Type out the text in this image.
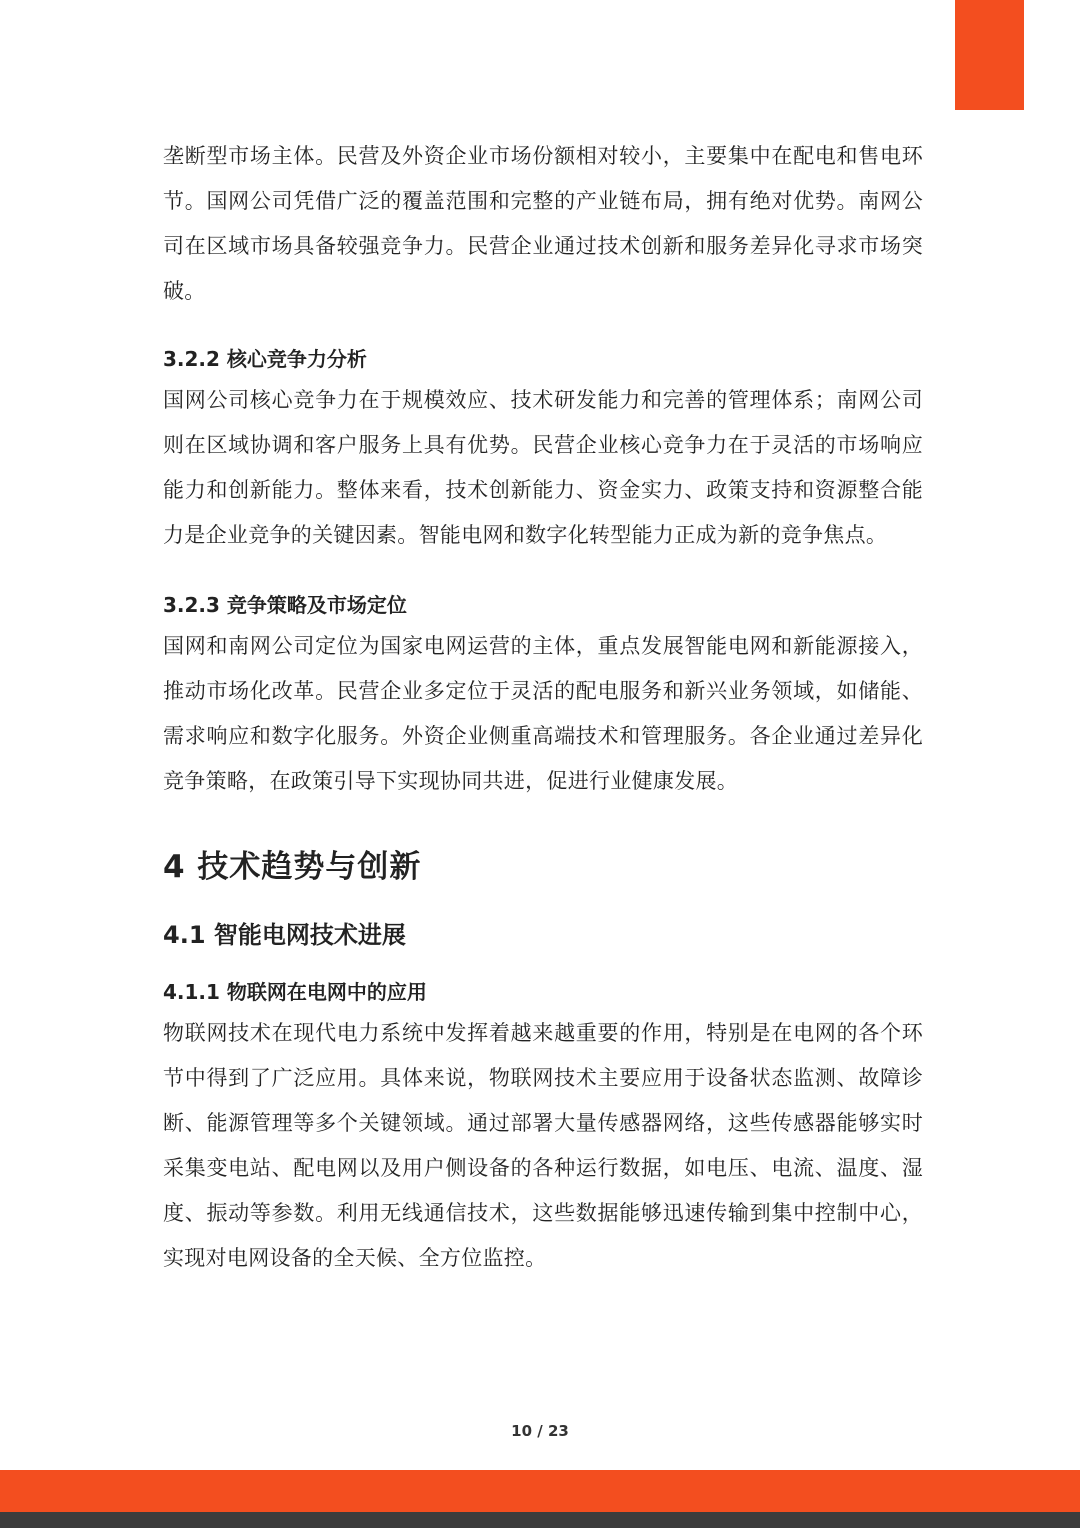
垄断型市场主体。民营及外资企业市场份额相对较小，主要集中在配电和售电环节。国网公司凭借广泛的覆盖范围和完整的产业链布局，拥有绝对优势。南网公司在区域市场具备较强竞争力。民营企业通过技术创新和服务差异化寻求市场突破。

3.2.2 核心竞争力分析

国网公司核心竞争力在于规模效应、技术研发能力和完善的管理体系；南网公司则在区域协调和客户服务上具有优势。民营企业核心竞争力在于灵活的市场响应能力和创新能力。整体来看，技术创新能力、资金实力、政策支持和资源整合能力是企业竞争的关键因素。智能电网和数字化转型能力正成为新的竞争焦点。

3.2.3 竞争策略及市场定位

国网和南网公司定位为国家电网运营的主体，重点发展智能电网和新能源接入，推动市场化改革。民营企业多定位于灵活的配电服务和新兴业务领域，如储能、需求响应和数字化服务。外资企业侧重高端技术和管理服务。各企业通过差异化竞争策略，在政策引导下实现协同共进，促进行业健康发展。

4 技术趋势与创新
4.1 智能电网技术进展
4.1.1 物联网在电网中的应用

物联网技术在现代电力系统中发挥着越来越重要的作用，特别是在电网的各个环节中得到了广泛应用。具体来说，物联网技术主要应用于设备状态监测、故障诊断、能源管理等多个关键领域。通过部署大量传感器网络，这些传感器能够实时采集变电站、配电网以及用户侧设备的各种运行数据，如电压、电流、温度、湿度、振动等参数。利用无线通信技术，这些数据能够迅速传输到集中控制中心，实现对电网设备的全天候、全方位监控。

10 / 23
